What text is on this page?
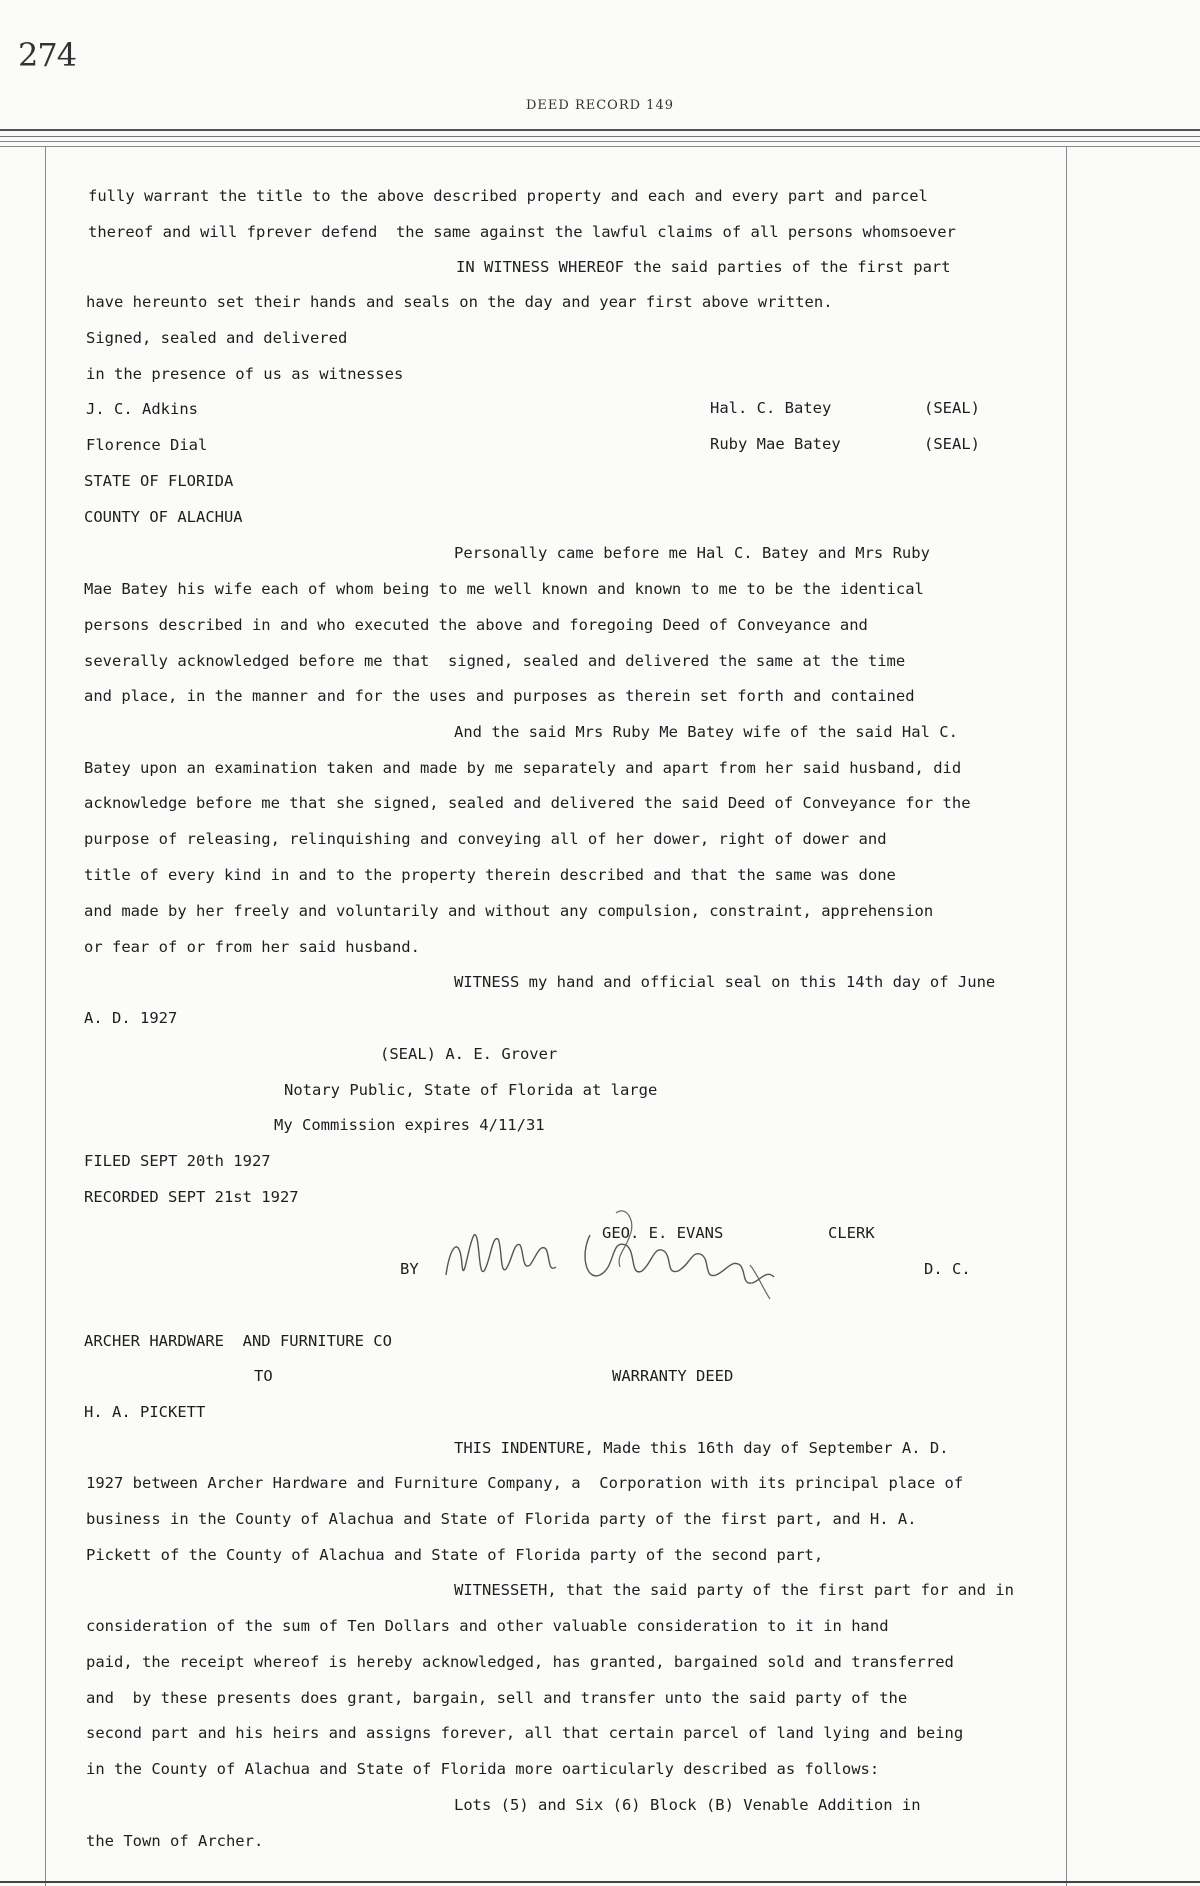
274
DEED RECORD 149
fully warrant the title to the above described property and each and every part and parcel
thereof and will fprever defend  the same against the lawful claims of all persons whomsoever
IN WITNESS WHEREOF the said parties of the first part
have hereunto set their hands and seals on the day and year first above written.
Signed, sealed and delivered
in the presence of us as witnesses
J. C. Adkins
Florence Dial
Hal. C. Batey	(SEAL)
Ruby Mae Batey	(SEAL)
STATE OF FLORIDA
COUNTY OF ALACHUA
Personally came before me Hal C. Batey and Mrs Ruby
Mae Batey his wife each of whom being to me well known and known to me to be the identical
persons described in and who executed the above and foregoing Deed of Conveyance and
severally acknowledged before me that  signed, sealed and delivered the same at the time
and place, in the manner and for the uses and purposes as therein set forth and contained
And the said Mrs Ruby Me Batey wife of the said Hal C.
Batey upon an examination taken and made by me separately and apart from her said husband, did
acknowledge before me that she signed, sealed and delivered the said Deed of Conveyance for the
purpose of releasing, relinquishing and conveying all of her dower, right of dower and
title of every kind in and to the property therein described and that the same was done
and made by her freely and voluntarily and without any compulsion, constraint, apprehension
or fear of or from her said husband.
WITNESS my hand and official seal on this 14th day of June
A. D. 1927
(SEAL) A. E. Grover
Notary Public, State of Florida at large
My Commission expires 4/11/31
FILED SEPT 20th 1927
RECORDED SEPT 21st 1927
GEO. E. EVANS	CLERK
BY	D. C.
ARCHER HARDWARE  AND FURNITURE CO
TO	WARRANTY DEED
H. A. PICKETT
THIS INDENTURE, Made this 16th day of September A. D.
1927 between Archer Hardware and Furniture Company, a  Corporation with its principal place of
business in the County of Alachua and State of Florida party of the first part, and H. A.
Pickett of the County of Alachua and State of Florida party of the second part,
WITNESSETH, that the said party of the first part for and in
consideration of the sum of Ten Dollars and other valuable consideration to it in hand
paid, the receipt whereof is hereby acknowledged, has granted, bargained sold and transferred
and  by these presents does grant, bargain, sell and transfer unto the said party of the
second part and his heirs and assigns forever, all that certain parcel of land lying and being
in the County of Alachua and State of Florida more oarticularly described as follows:
Lots (5) and Six (6) Block (B) Venable Addition in
the Town of Archer.
